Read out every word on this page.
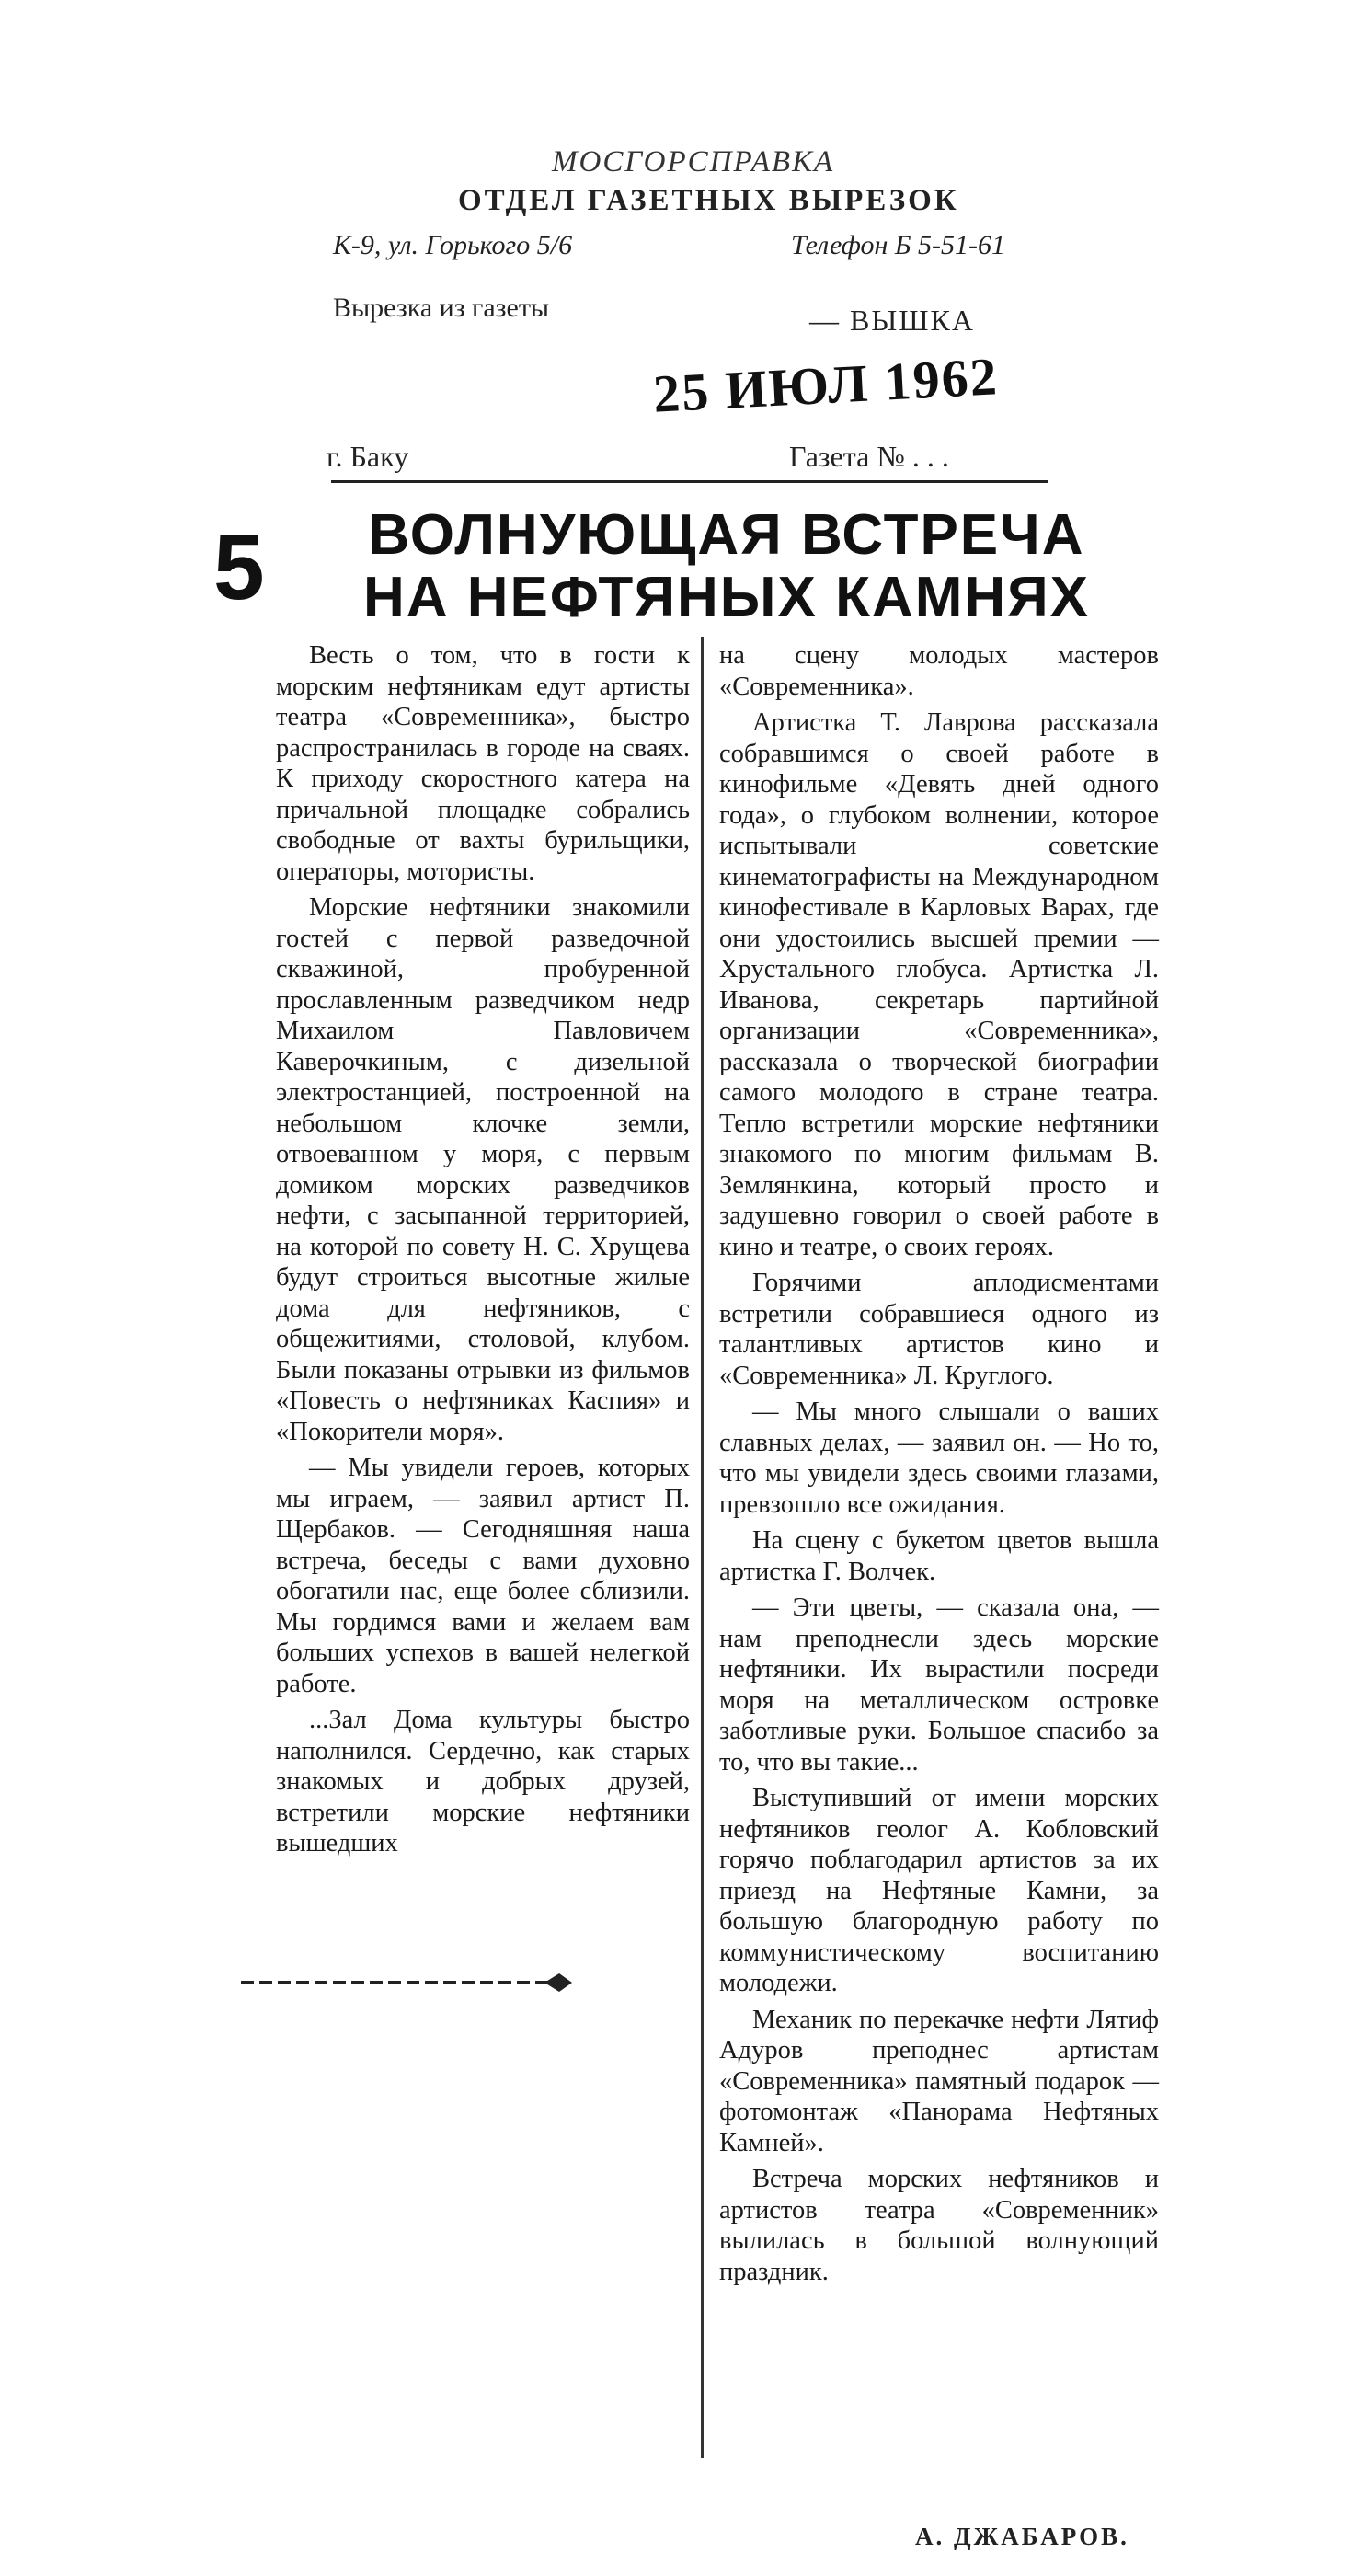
МОСГОРСПРАВКА
ОТДЕЛ ГАЗЕТНЫХ ВЫРЕЗОК
К-9, ул. Горького 5/6	Телефон Б 5-51-61
Вырезка из газеты	— ВЫШКА
25 ИЮЛ 1962
г. Баку	Газета № . . .
5	ВОЛНУЮЩАЯ ВСТРЕЧА
НА НЕФТЯНЫХ КАМНЯХ

Весть о том, что в гости к морским нефтяникам едут артисты театра «Современника», быстро распространилась в городе на сваях. К приходу скоростного катера на причальной площадке собрались свободные от вахты бурильщики, операторы, мотористы.

Морские нефтяники знакомили гостей с первой разведочной скважиной, пробуренной прославленным разведчиком недр Михаилом Павловичем Каверочкиным, с дизельной электростанцией, построенной на небольшом клочке земли, отвоеванном у моря, с первым домиком морских разведчиков нефти, с засыпанной территорией, на которой по совету Н. С. Хрущева будут строиться высотные жилые дома для нефтяников, с общежитиями, столовой, клубом. Были показаны отрывки из фильмов «Повесть о нефтяниках Каспия» и «Покорители моря».

— Мы увидели героев, которых мы играем, — заявил артист П. Щербаков. — Сегодняшняя наша встреча, беседы с вами духовно обогатили нас, еще более сблизили. Мы гордимся вами и желаем вам больших успехов в вашей нелегкой работе.

...Зал Дома культуры быстро наполнился. Сердечно, как старых знакомых и добрых друзей, встретили морские нефтяники вышедших

на сцену молодых мастеров «Современника».

Артистка Т. Лаврова рассказала собравшимся о своей работе в кинофильме «Девять дней одного года», о глубоком волнении, которое испытывали советские кинематографисты на Международном кинофестивале в Карловых Варах, где они удостоились высшей премии — Хрустального глобуса. Артистка Л. Иванова, секретарь партийной организации «Современника», рассказала о творческой биографии самого молодого в стране театра. Тепло встретили морские нефтяники знакомого по многим фильмам В. Землянкина, который просто и задушевно говорил о своей работе в кино и театре, о своих героях.

Горячими аплодисментами встретили собравшиеся одного из талантливых артистов кино и «Современника» Л. Круглого.

— Мы много слышали о ваших славных делах, — заявил он. — Но то, что мы увидели здесь своими глазами, превзошло все ожидания.

На сцену с букетом цветов вышла артистка Г. Волчек.

— Эти цветы, — сказала она, — нам преподнесли здесь морские нефтяники. Их вырастили посреди моря на металлическом островке заботливые руки. Большое спасибо за то, что вы такие...

Выступивший от имени морских нефтяников геолог А. Кобловский горячо поблагодарил артистов за их приезд на Нефтяные Камни, за большую благородную работу по коммунистическому воспитанию молодежи.

Механик по перекачке нефти Лятиф Адуров преподнес артистам «Современника» памятный подарок — фотомонтаж «Панорама Нефтяных Камней».

Встреча морских нефтяников и артистов театра «Современник» вылилась в большой волнующий праздник.

А. ДЖАБАРОВ.
